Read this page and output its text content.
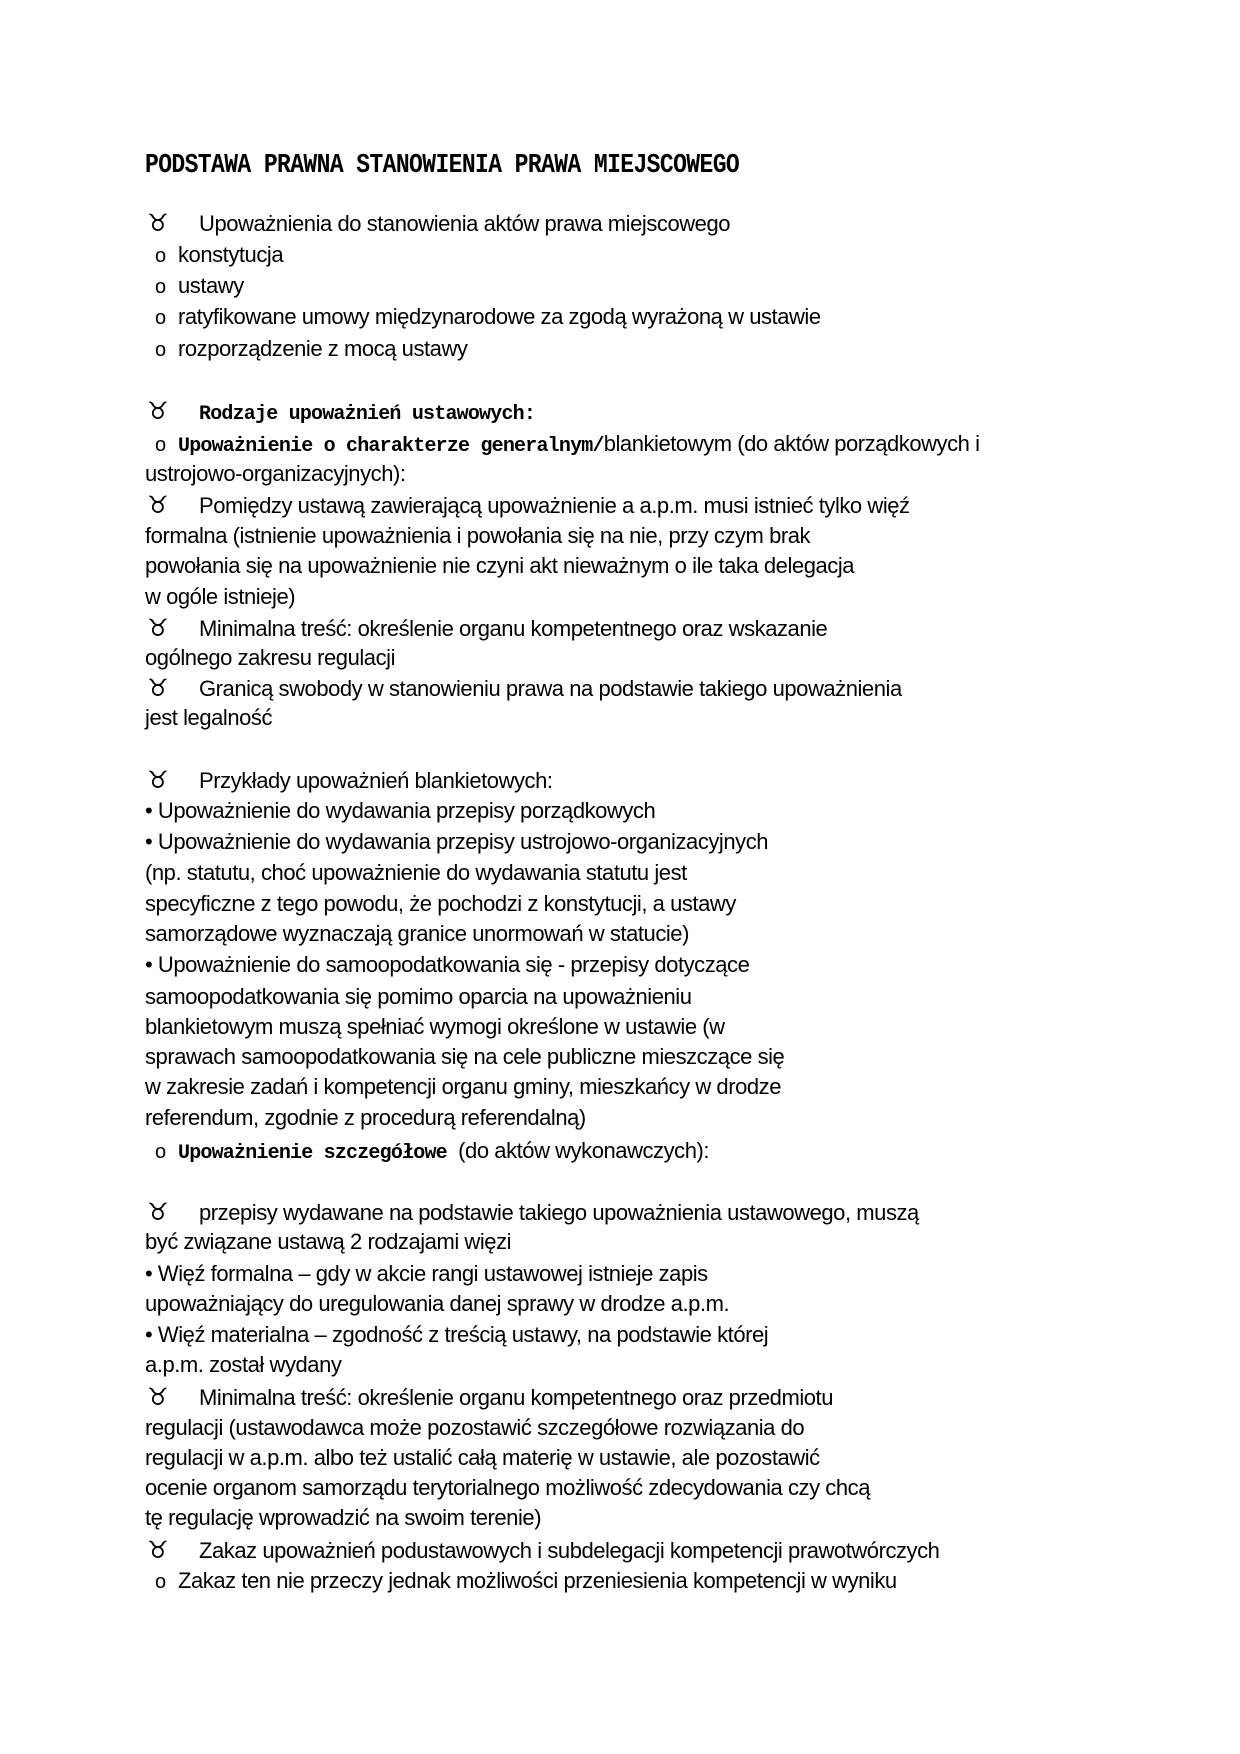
PODSTAWA PRAWNA STANOWIENIA PRAWA MIEJSCOWEGO
♉ Upoważnienia do stanowienia aktów prawa miejscowego
o konstytucja
o ustawy
o ratyfikowane umowy międzynarodowe za zgodą wyrażoną w ustawie
o rozporządzenie z mocą ustawy
♉ Rodzaje upoważnień ustawowych:
o Upoważnienie o charakterze generalnym/blankietowym (do aktów porządkowych i
ustrojowo-organizacyjnych):
♉ Pomiędzy ustawą zawierającą upoważnienie a a.p.m. musi istnieć tylko więź
formalna (istnienie upoważnienia i powołania się na nie, przy czym brak
powołania się na upoważnienie nie czyni akt nieważnym o ile taka delegacja
w ogóle istnieje)
♉ Minimalna treść: określenie organu kompetentnego oraz wskazanie
ogólnego zakresu regulacji
♉ Granicą swobody w stanowieniu prawa na podstawie takiego upoważnienia
jest legalność
♉ Przykłady upoważnień blankietowych:
• Upoważnienie do wydawania przepisy porządkowych
• Upoważnienie do wydawania przepisy ustrojowo-organizacyjnych
(np. statutu, choć upoważnienie do wydawania statutu jest
specyficzne z tego powodu, że pochodzi z konstytucji, a ustawy
samorządowe wyznaczają granice unormowań w statucie)
• Upoważnienie do samoopodatkowania się - przepisy dotyczące
samoopodatkowania się pomimo oparcia na upoważnieniu
blankietowym muszą spełniać wymogi określone w ustawie (w
sprawach samoopodatkowania się na cele publiczne mieszczące się
w zakresie zadań i kompetencji organu gminy, mieszkańcy w drodze
referendum, zgodnie z procedurą referendalną)
o Upoważnienie szczegółowe  (do aktów wykonawczych):
♉ przepisy wydawane na podstawie takiego upoważnienia ustawowego, muszą
być związane ustawą 2 rodzajami więzi
• Więź formalna – gdy w akcie rangi ustawowej istnieje zapis
upoważniający do uregulowania danej sprawy w drodze a.p.m.
• Więź materialna – zgodność z treścią ustawy, na podstawie której
a.p.m. został wydany
♉ Minimalna treść: określenie organu kompetentnego oraz przedmiotu
regulacji (ustawodawca może pozostawić szczegółowe rozwiązania do
regulacji w a.p.m. albo też ustalić całą materię w ustawie, ale pozostawić
ocenie organom samorządu terytorialnego możliwość zdecydowania czy chcą
tę regulację wprowadzić na swoim terenie)
♉ Zakaz upoważnień podustawowych i subdelegacji kompetencji prawotwórczych
o Zakaz ten nie przeczy jednak możliwości przeniesienia kompetencji w wyniku
